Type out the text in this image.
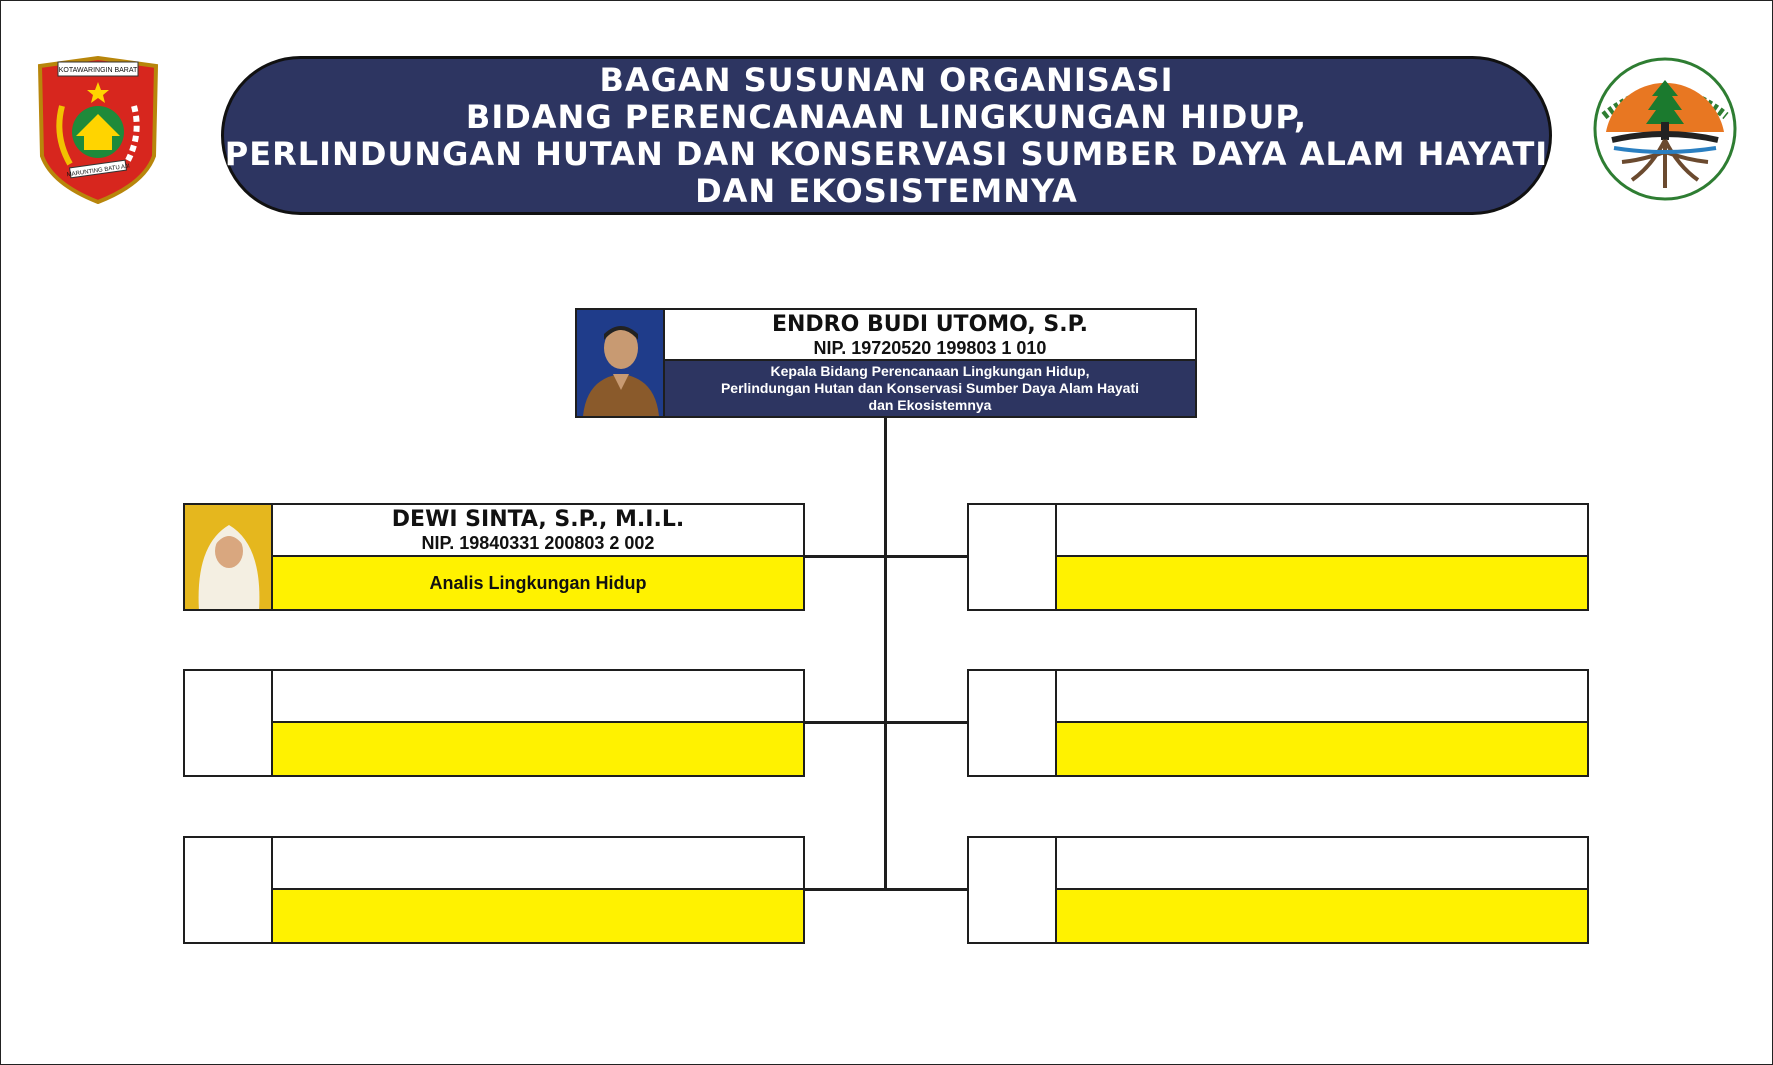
KOTAWARINGIN BARAT
MARUNTING BATU AJI
BAGAN SUSUNAN ORGANISASI
BIDANG PERENCANAAN LINGKUNGAN HIDUP,
PERLINDUNGAN HUTAN DAN KONSERVASI SUMBER DAYA ALAM HAYATI
DAN EKOSISTEMNYA
ENDRO BUDI UTOMO, S.P.
NIP. 19720520 199803 1 010
Kepala Bidang Perencanaan Lingkungan Hidup,
Perlindungan Hutan dan Konservasi Sumber Daya Alam Hayati
dan Ekosistemnya
DEWI SINTA, S.P., M.I.L.
NIP. 19840331 200803 2 002
Analis Lingkungan Hidup
